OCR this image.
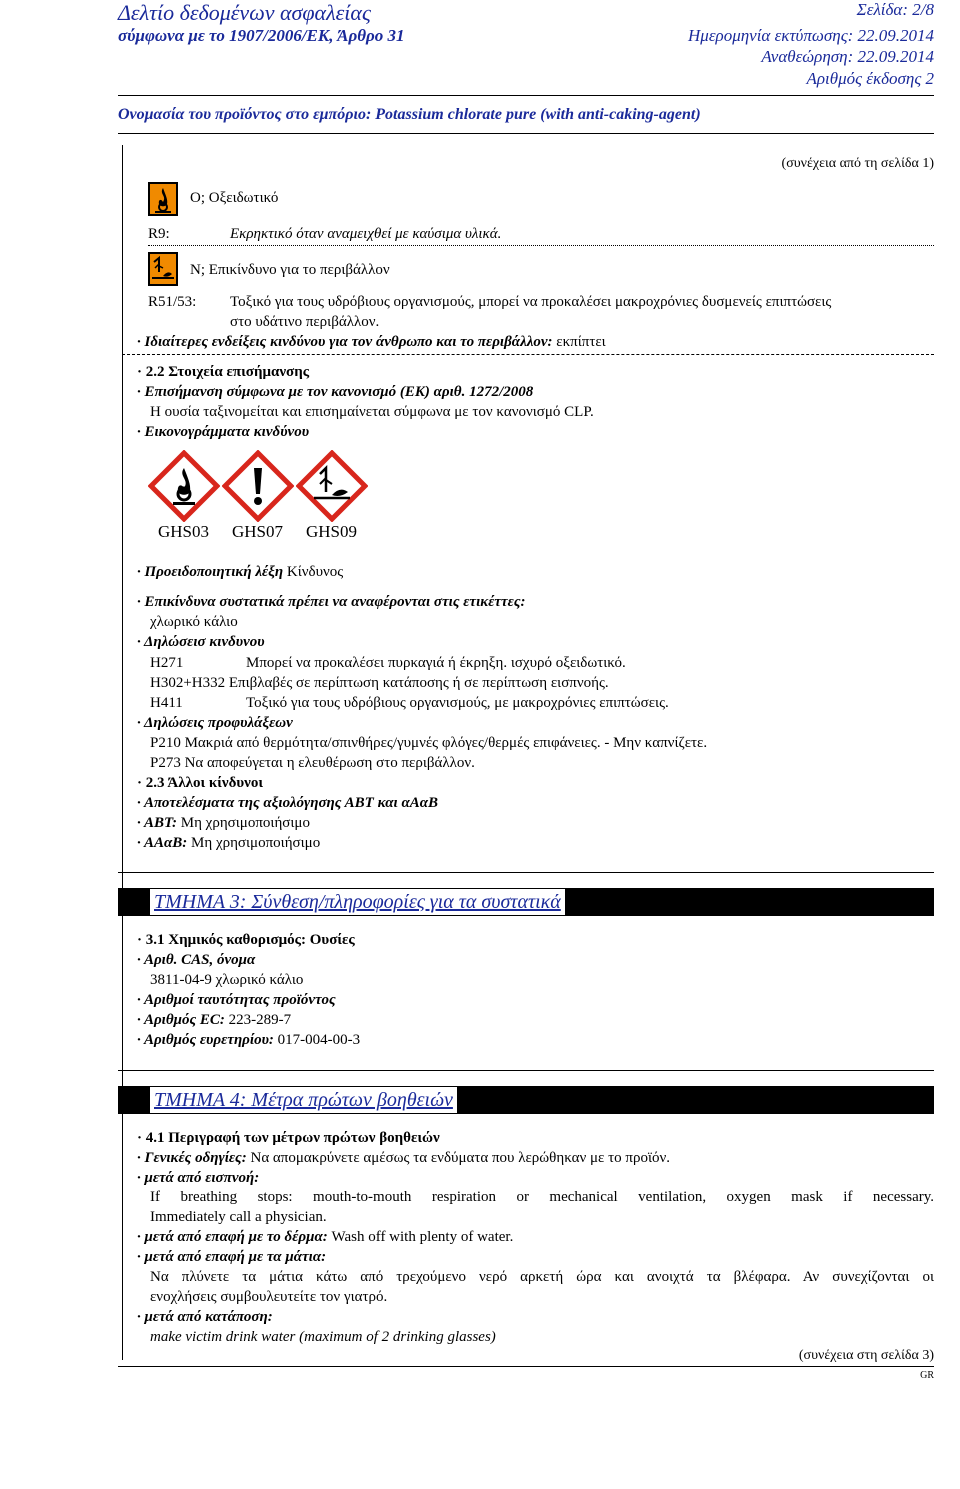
Δελτίο δεδομένων ασφαλείας
σύμφωνα με το 1907/2006/ΕΚ, Άρθρο 31
Σελίδα: 2/8
Ημερομηνία εκτύπωσης: 22.09.2014
Αναθεώρηση: 22.09.2014
Αριθμός έκδοσης 2
Ονομασία του προϊόντος στο εμπόριο: Potassium chlorate pure (with anti-caking-agent)
(συνέχεια από τη σελίδα 1)
O; Οξειδωτικό
R9:	Εκρηκτικό όταν αναμειχθεί με καύσιμα υλικά.
N; Επικίνδυνο για το περιβάλλον
R51/53: Τοξικό για τους υδρόβιους οργανισμούς, μπορεί να προκαλέσει μακροχρόνιες δυσμενείς επιπτώσεις
στο υδάτινο περιβάλλον.
· Ιδιαίτερες ενδείξεις κινδύνου για τον άνθρωπο και το περιβάλλον: εκπίπτει
· 2.2 Στοιχεία επισήμανσης
· Επισήμανση σύμφωνα με τον κανονισμό (ΕΚ) αριθ. 1272/2008
Η ουσία ταξινομείται και επισημαίνεται σύμφωνα με τον κανονισμό CLP.
· Εικονογράμματα κινδύνου
GHS03 GHS07 GHS09
· Προειδοποιητική λέξη Κίνδυνος
· Επικίνδυνα συστατικά πρέπει να αναφέρονται στις ετικέττες:
χλωρικό κάλιο
· Δηλώσεισ κινδυνου
H271	Μπορεί να προκαλέσει πυρκαγιά ή έκρηξη. ισχυρό οξειδωτικό.
H302+H332 Επιβλαβές σε περίπτωση κατάποσης ή σε περίπτωση εισπνοής.
H411	Τοξικό για τους υδρόβιους οργανισμούς, με μακροχρόνιες επιπτώσεις.
· Δηλώσεις προφυλάξεων
P210 Μακριά από θερμότητα/σπινθήρες/γυμνές φλόγες/θερμές επιφάνειες. - Μην καπνίζετε.
P273 Να αποφεύγεται η ελευθέρωση στο περιβάλλον.
· 2.3 Άλλοι κίνδυνοι
· Αποτελέσματα της αξιολόγησης ΑΒΤ και αΑαΒ
· ΑΒΤ: Μη χρησιμοποιήσιμο
· ΑΑαΒ: Μη χρησιμοποιήσιμο
ΤΜΗΜΑ 3: Σύνθεση/πληροφορίες για τα συστατικά
· 3.1 Χημικός καθορισμός: Ουσίες
· Αριθ. CAS, όνομα
3811-04-9 χλωρικό κάλιο
· Αριθμοί ταυτότητας προϊόντος
· Αριθμός ΕC: 223-289-7
· Αριθμός ευρετηρίου: 017-004-00-3
ΤΜΗΜΑ 4: Μέτρα πρώτων βοηθειών
· 4.1 Περιγραφή των μέτρων πρώτων βοηθειών
· Γενικές οδηγίες: Να απομακρύνετε αμέσως τα ενδύματα που λερώθηκαν με το προϊόν.
· μετά από εισπνοή:
If breathing stops: mouth-to-mouth respiration or mechanical ventilation, oxygen mask if necessary.
Immediately call a physician.
· μετά από επαφή με το δέρμα: Wash off with plenty of water.
· μετά από επαφή με τα μάτια:
Να πλύνετε τα μάτια κάτω από τρεχούμενο νερό αρκετή ώρα και ανοιχτά τα βλέφαρα. Αν συνεχίζονται οι
ενοχλήσεις συμβουλευτείτε τον γιατρό.
· μετά από κατάποση:
make victim drink water (maximum of 2 drinking glasses)
(συνέχεια στη σελίδα 3)
GR
